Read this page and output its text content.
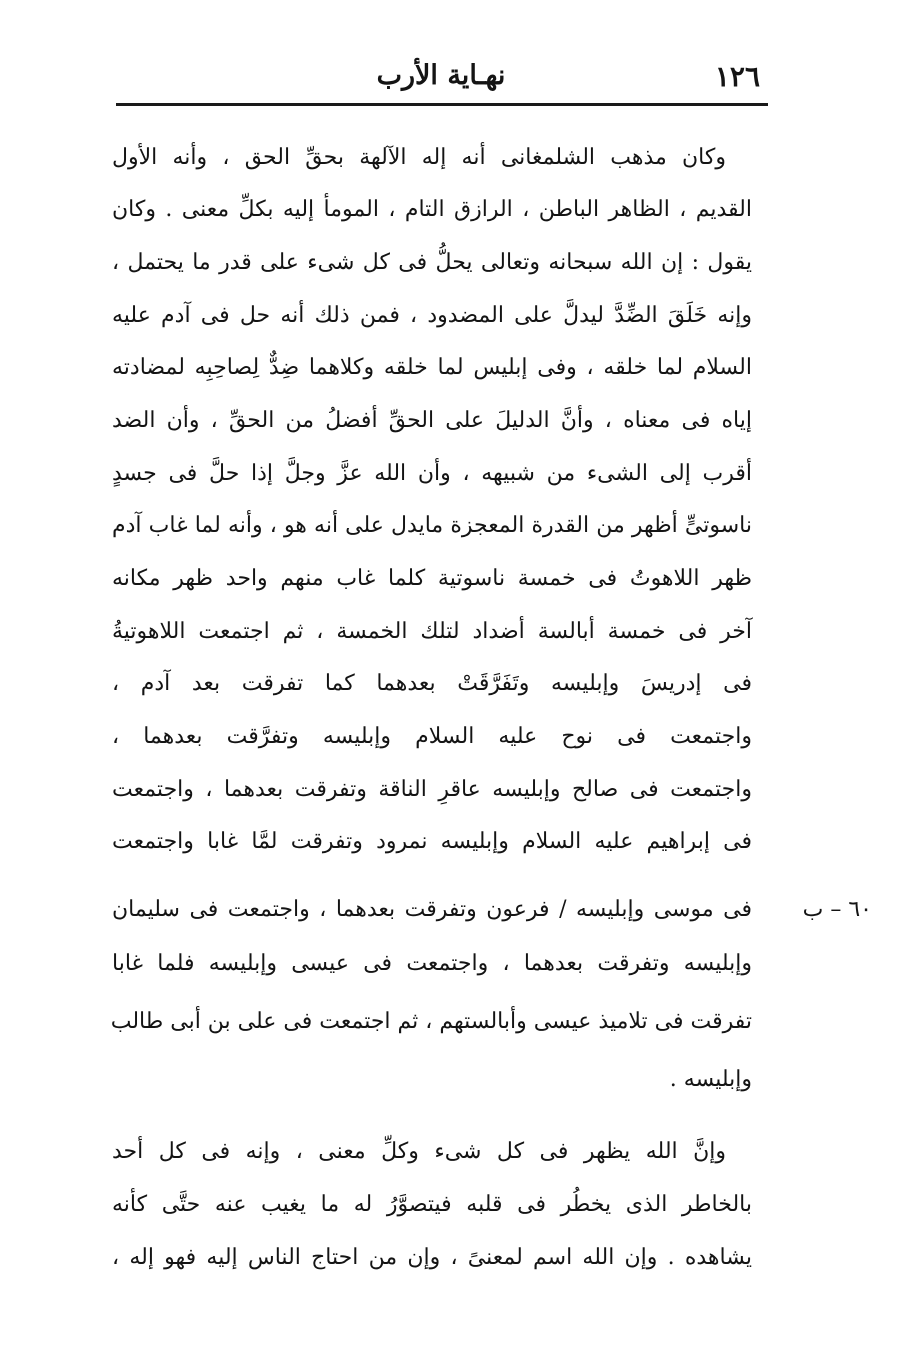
١٢٦
نهـاية الأرب
٦٠ – ب
وكان مذهب الشلمغانى أنه إله الآلهة بحقِّ الحق ، وأنه الأول
القديم ، الظاهر الباطن ، الرازق التام ، المومأ إليه بكلِّ معنى . وكان
يقول : إن الله سبحانه وتعالى يحلُّ فى كل شىء على قدر ما يحتمل ،
وإنه خَلَقَ الضِّدَّ ليدلَّ على المضدود ، فمن ذلك أنه حل فى آدم عليه
السلام لما خلقه ، وفى إبليس لما خلقه وكلاهما ضِدٌّ لِصاحِبِه لمضادته
إياه فى معناه ، وأنَّ الدليلَ على الحقِّ أفضلُ من الحقِّ ، وأن الضد
أقرب إلى الشىء من شبيهه ، وأن الله عزَّ وجلَّ إذا حلَّ فى جسدٍ
ناسوتىٍّ أظهر من القدرة المعجزة مايدل على أنه هو ، وأنه لما غاب آدم
ظهر اللاهوتُ فى خمسة ناسوتية كلما غاب منهم واحد ظهر مكانه
آخر فى خمسة أبالسة أضداد لتلك الخمسة ، ثم اجتمعت اللاهوتيةُ
فى إدريسَ وإبليسه وتَفَرَّقَتْ بعدهما كما تفرقت بعد آدم ،
واجتمعت فى نوح عليه السلام وإبليسه وتفرَّقت بعدهما ،
واجتمعت فى صالح وإبليسه عاقرِ الناقة وتفرقت بعدهما ، واجتمعت
فى إبراهيم عليه السلام وإبليسه نمرود وتفرقت لمَّا غابا واجتمعت
فى موسى وإبليسه / فرعون وتفرقت بعدهما ، واجتمعت فى سليمان
وإبليسه وتفرقت بعدهما ، واجتمعت فى عيسى وإبليسه فلما غابا
تفرقت فى تلاميذ عيسى وأبالستهم ، ثم اجتمعت فى على بن أبى طالب
وإبليسه .
وإنَّ الله يظهر فى كل شىء وكلِّ معنى ، وإنه فى كل أحد
بالخاطر الذى يخطُر فى قلبه فيتصوَّرُ له ما يغيب عنه حتَّى كأنه
يشاهده . وإن الله اسم لمعنىً ، وإن من احتاج الناس إليه فهو إله ،
